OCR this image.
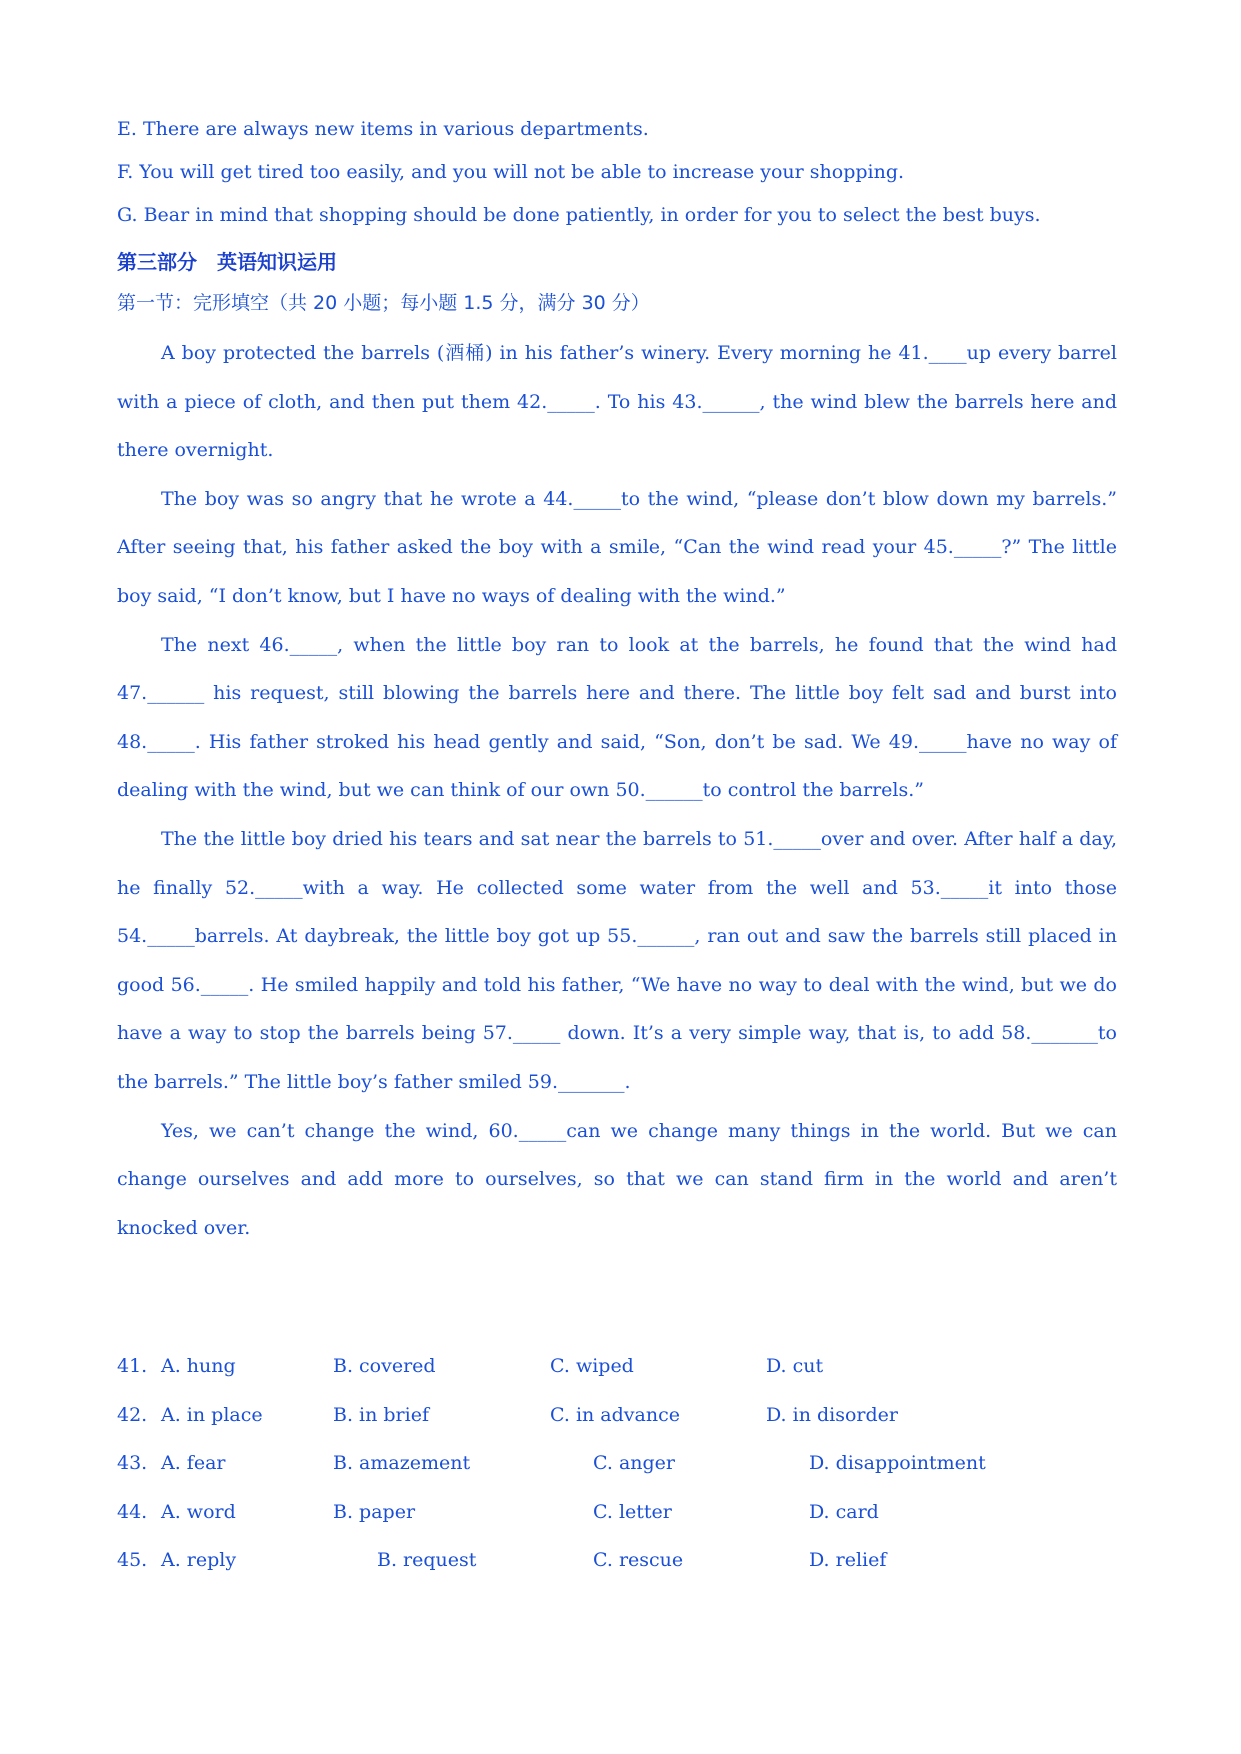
E. There are always new items in various departments.
F. You will get tired too easily, and you will not be able to increase your shopping.
G. Bear in mind that shopping should be done patiently, in order for you to select the best buys.
第三部分　英语知识运用
第一节：完形填空（共 20 小题；每小题 1.5 分，满分 30 分）
A boy protected the barrels (酒桶) in his father’s winery. Every morning he 41.____up every barrel with a piece of cloth, and then put them 42._____. To his 43.______, the wind blew the barrels here and there overnight.
The boy was so angry that he wrote a 44._____to the wind, “please don’t blow down my barrels.” After seeing that, his father asked the boy with a smile, “Can the wind read your 45._____?” The little boy said, “I don’t know, but I have no ways of dealing with the wind.”
The next 46._____, when the little boy ran to look at the barrels, he found that the wind had 47.______ his request, still blowing the barrels here and there. The little boy felt sad and burst into 48._____. His father stroked his head gently and said, “Son, don’t be sad. We 49._____have no way of dealing with the wind, but we can think of our own 50.______to control the barrels.”
The the little boy dried his tears and sat near the barrels to 51._____over and over. After half a day, he finally 52._____with a way. He collected some water from the well and 53._____it into those 54._____barrels. At daybreak, the little boy got up 55.______, ran out and saw the barrels still placed in good 56._____. He smiled happily and told his father, “We have no way to deal with the wind, but we do have a way to stop the barrels being 57._____ down. It’s a very simple way, that is, to add 58._______to the barrels.” The little boy’s father smiled 59._______.
Yes, we can’t change the wind, 60._____can we change many things in the world. But we can change ourselves and add more to ourselves, so that we can stand firm in the world and aren’t knocked over.
41. A. hung	B. covered	C. wiped	D. cut
42. A. in place	B. in brief	C. in advance	D. in disorder
43. A. fear	B. amazement	C. anger	D. disappointment
44. A. word	B. paper	C. letter	D. card
45. A. reply	B. request	C. rescue	D. relief
